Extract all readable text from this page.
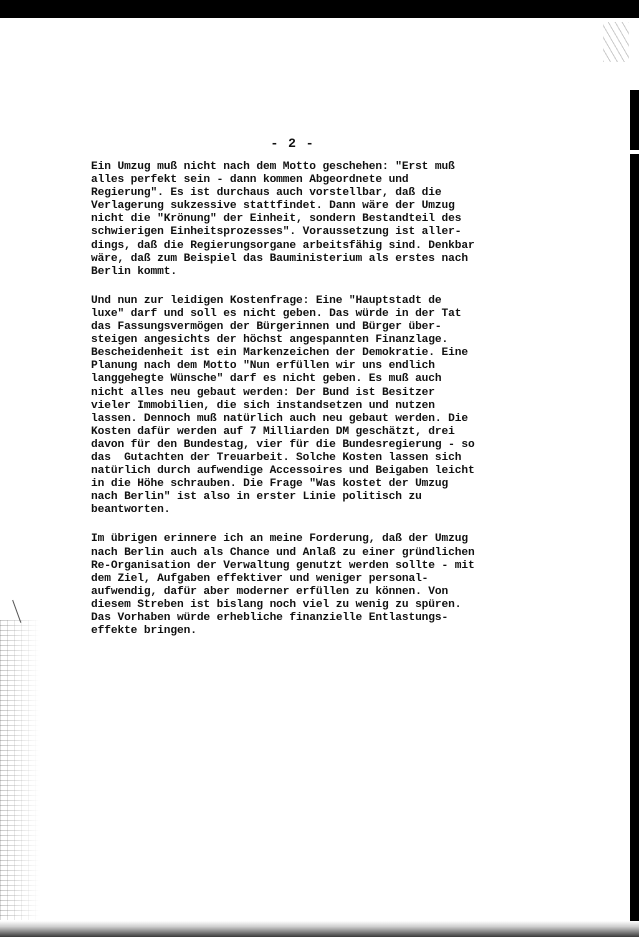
- 2 -
Ein Umzug muß nicht nach dem Motto geschehen: "Erst muß
alles perfekt sein - dann kommen Abgeordnete und
Regierung". Es ist durchaus auch vorstellbar, daß die
Verlagerung sukzessive stattfindet. Dann wäre der Umzug
nicht die "Krönung" der Einheit, sondern Bestandteil des
schwierigen Einheitsprozesses". Voraussetzung ist aller-
dings, daß die Regierungsorgane arbeitsfähig sind. Denkbar
wäre, daß zum Beispiel das Bauministerium als erstes nach
Berlin kommt.
Und nun zur leidigen Kostenfrage: Eine "Hauptstadt de
luxe" darf und soll es nicht geben. Das würde in der Tat
das Fassungsvermögen der Bürgerinnen und Bürger über-
steigen angesichts der höchst angespannten Finanzlage.
Bescheidenheit ist ein Markenzeichen der Demokratie. Eine
Planung nach dem Motto "Nun erfüllen wir uns endlich
langgehegte Wünsche" darf es nicht geben. Es muß auch
nicht alles neu gebaut werden: Der Bund ist Besitzer
vieler Immobilien, die sich instandsetzen und nutzen
lassen. Dennoch muß natürlich auch neu gebaut werden. Die
Kosten dafür werden auf 7 Milliarden DM geschätzt, drei
davon für den Bundestag, vier für die Bundesregierung - so
das  Gutachten der Treuarbeit. Solche Kosten lassen sich
natürlich durch aufwendige Accessoires und Beigaben leicht
in die Höhe schrauben. Die Frage "Was kostet der Umzug
nach Berlin" ist also in erster Linie politisch zu
beantworten.
Im übrigen erinnere ich an meine Forderung, daß der Umzug
nach Berlin auch als Chance und Anlaß zu einer gründlichen
Re-Organisation der Verwaltung genutzt werden sollte - mit
dem Ziel, Aufgaben effektiver und weniger personal-
aufwendig, dafür aber moderner erfüllen zu können. Von
diesem Streben ist bislang noch viel zu wenig zu spüren.
Das Vorhaben würde erhebliche finanzielle Entlastungs-
effekte bringen.
